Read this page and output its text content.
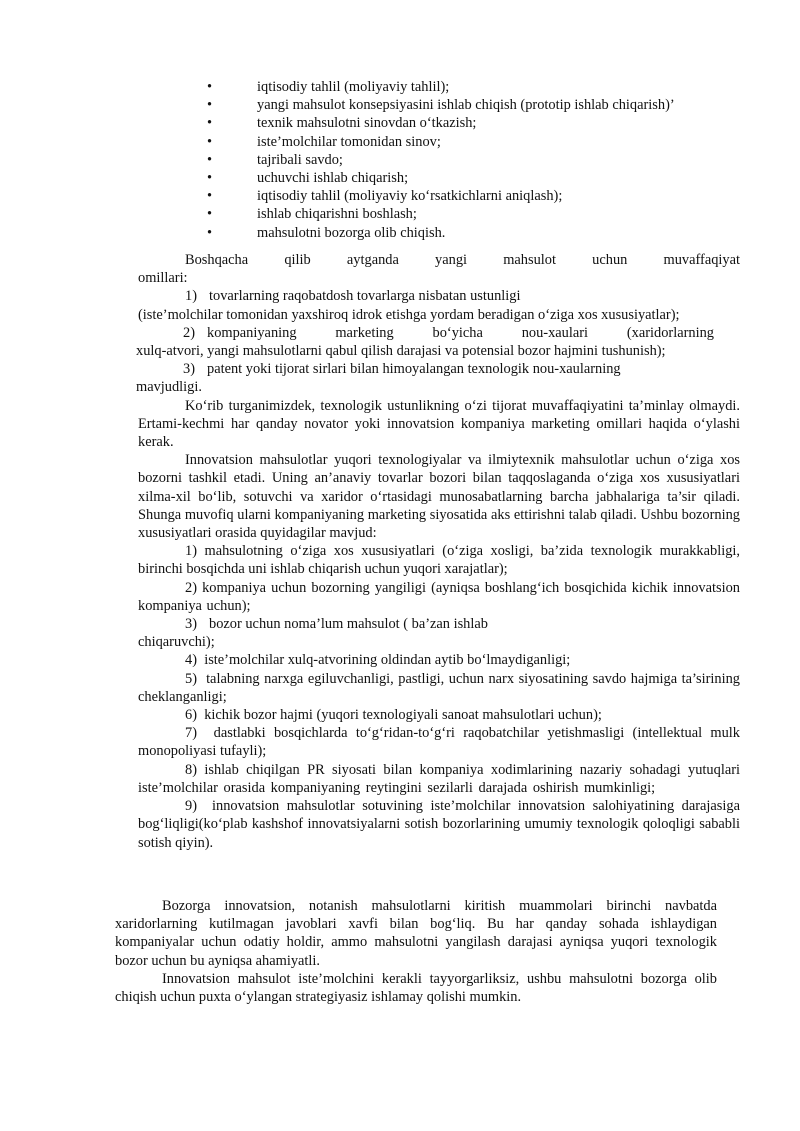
•	iqtisodiy tahlil (moliyaviy tahlil);
•	yangi mahsulot konsepsiyasini ishlab chiqish (prototip ishlab chiqarish)’
•	texnik mahsulotni sinovdan o‘tkazish;
•	iste’molchilar tomonidan sinov;
•	tajribali savdo;
•	uchuvchi ishlab chiqarish;
•	iqtisodiy tahlil (moliyaviy ko‘rsatkichlarni aniqlash);
•	ishlab chiqarishni boshlash;
•	mahsulotni bozorga olib chiqish.

Boshqacha qilib aytganda yangi mahsulot uchun muvaffaqiyat

omillari:

1) tovarlarning raqobatdosh tovarlarga nisbatan ustunligi

(iste’molchilar tomonidan yaxshiroq idrok etishga yordam beradigan o‘ziga xos xususiyatlar);

2) kompaniyaning marketing bo‘yicha nou-xaulari (xaridorlarning

xulq-atvori, yangi mahsulotlarni qabul qilish darajasi va potensial bozor hajmini tushunish);

3) patent yoki tijorat sirlari bilan himoyalangan texnologik nou-xaularning

mavjudligi.

Ko‘rib turganimizdek, texnologik ustunlikning o‘zi tijorat muvaffaqiyatini ta’minlay olmaydi. Ertami-kechmi har qanday novator yoki innovatsion kompaniya marketing omillari haqida o‘ylashi kerak.

Innovatsion mahsulotlar yuqori texnologiyalar va ilmiytexnik mahsulotlar uchun o‘ziga xos bozorni tashkil etadi. Uning an’anaviy tovarlar bozori bilan taqqoslaganda o‘ziga xos xususiyatlari xilma-xil bo‘lib, sotuvchi va xaridor o‘rtasidagi munosabatlarning barcha jabhalariga ta’sir qiladi. Shunga muvofiq ularni kompaniyaning marketing siyosatida aks ettirishni talab qiladi. Ushbu bozorning xususiyatlari orasida quyidagilar mavjud:

1) mahsulotning o‘ziga xos xususiyatlari (o‘ziga xosligi, ba’zida texnologik murakkabligi, birinchi bosqichda uni ishlab chiqarish uchun yuqori xarajatlar);

2) kompaniya uchun bozorning yangiligi (ayniqsa boshlang‘ich bosqichida kichik innovatsion kompaniya uchun);

3) bozor uchun noma’lum mahsulot ( ba’zan ishlab

chiqaruvchi);

4) iste’molchilar xulq-atvorining oldindan aytib bo‘lmaydiganligi;

5) talabning narxga egiluvchanligi, pastligi, uchun narx siyosatining savdo hajmiga ta’sirining cheklanganligi;

6) kichik bozor hajmi (yuqori texnologiyali sanoat mahsulotlari uchun);

7) dastlabki bosqichlarda to‘g‘ridan-to‘g‘ri raqobatchilar yetishmasligi (intellektual mulk monopoliyasi tufayli);

8) ishlab chiqilgan PR siyosati bilan kompaniya xodimlarining nazariy sohadagi yutuqlari iste’molchilar orasida kompaniyaning reytingini sezilarli darajada oshirish mumkinligi;

9) innovatsion mahsulotlar sotuvining iste’molchilar innovatsion salohiyatining darajasiga bog‘liqligi(ko‘plab kashshof innovatsiyalarni sotish bozorlarining umumiy texnologik qoloqligi sababli sotish qiyin).

Bozorga innovatsion, notanish mahsulotlarni kiritish muammolari birinchi navbatda xaridorlarning kutilmagan javoblari xavfi bilan bog‘liq. Bu har qanday sohada ishlaydigan kompaniyalar uchun odatiy holdir, ammo mahsulotni yangilash darajasi ayniqsa yuqori texnologik bozor uchun bu ayniqsa ahamiyatli.

Innovatsion mahsulot iste’molchini kerakli tayyorgarliksiz, ushbu mahsulotni bozorga olib chiqish uchun puxta o‘ylangan strategiyasiz ishlamay qolishi mumkin.
